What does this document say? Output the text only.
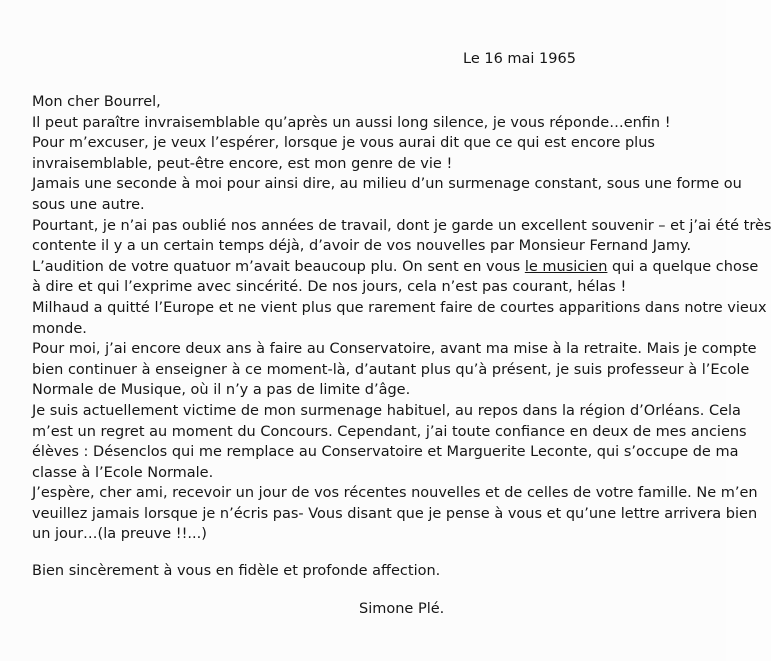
Le 16 mai 1965
Mon cher Bourrel,
Il peut paraître invraisemblable qu’après un aussi long silence, je vous réponde…enfin !
Pour m’excuser, je veux l’espérer, lorsque je vous aurai dit que ce qui est encore plus
invraisemblable, peut-être encore, est mon genre de vie !
Jamais une seconde à moi pour ainsi dire, au milieu d’un surmenage constant, sous une forme ou
sous une autre.
Pourtant, je n’ai pas oublié nos années de travail, dont je garde un excellent souvenir – et j’ai été très
contente il y a un certain temps déjà, d’avoir de vos nouvelles par Monsieur Fernand Jamy.
L’audition de votre quatuor m’avait beaucoup plu. On sent en vous le musicien qui a quelque chose
à dire et qui l’exprime avec sincérité. De nos jours, cela n’est pas courant, hélas !
Milhaud a quitté l’Europe et ne vient plus que rarement faire de courtes apparitions dans notre vieux
monde.
Pour moi, j’ai encore deux ans à faire au Conservatoire, avant ma mise à la retraite. Mais je compte
bien continuer à enseigner à ce moment-là, d’autant plus qu’à présent, je suis professeur à l’Ecole
Normale de Musique, où il n’y a pas de limite d’âge.
Je suis actuellement victime de mon surmenage habituel, au repos dans la région d’Orléans. Cela
m’est un regret au moment du Concours. Cependant, j’ai toute confiance en deux de mes anciens
élèves : Désenclos qui me remplace au Conservatoire et Marguerite Leconte, qui s’occupe de ma
classe à l’Ecole Normale.
J’espère, cher ami, recevoir un jour de vos récentes nouvelles et de celles de votre famille. Ne m’en
veuillez jamais lorsque je n’écris pas- Vous disant que je pense à vous et qu’une lettre arrivera bien
un jour…(la preuve !!...)
Bien sincèrement à vous en fidèle et profonde affection.
Simone Plé.
